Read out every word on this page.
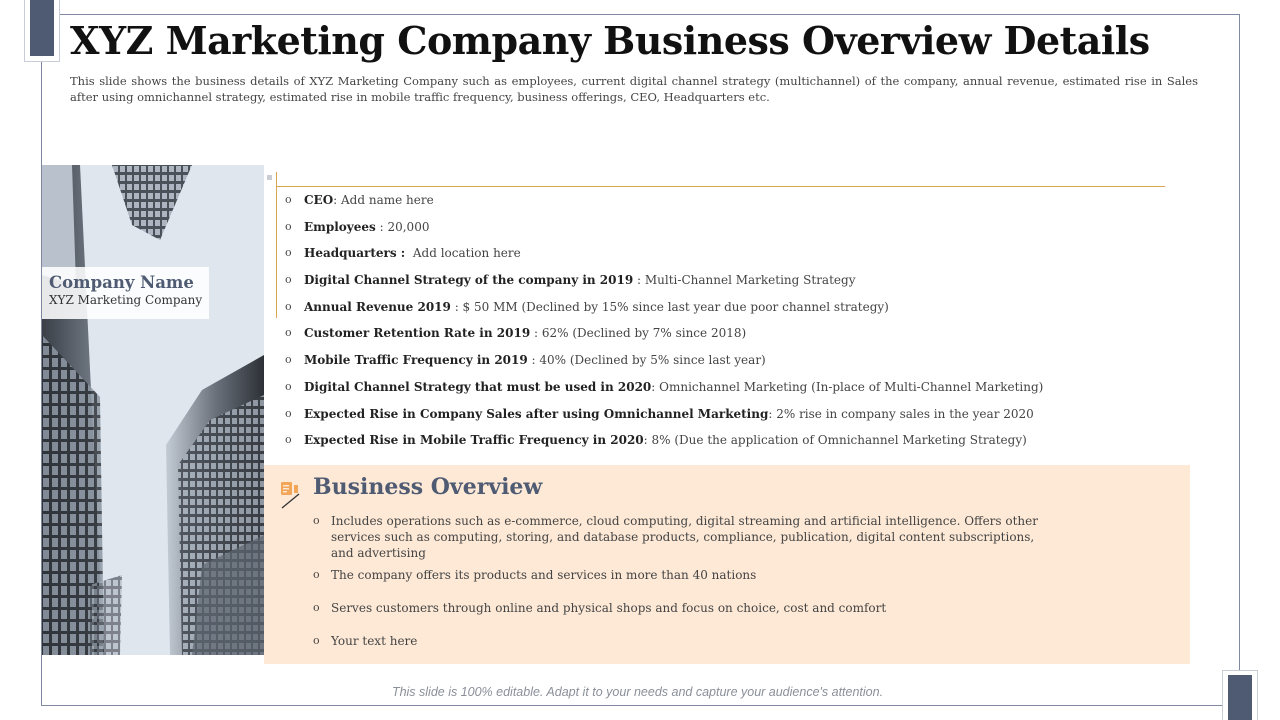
XYZ Marketing Company Business Overview Details

This slide shows the business details of XYZ Marketing Company such as employees, current digital channel strategy (multichannel) of the company, annual revenue, estimated rise in Sales after using omnichannel strategy, estimated rise in mobile traffic frequency, business offerings, CEO, Headquarters etc.

Company Name
XYZ Marketing Company
o	CEO: Add name here
o	Employees : 20,000
o	Headquarters : Add location here
o	Digital Channel Strategy of the company in 2019 : Multi-Channel Marketing Strategy
o	Annual Revenue 2019 : $ 50 MM (Declined by 15% since last year due poor channel strategy)
o	Customer Retention Rate in 2019 : 62% (Declined by 7% since 2018)
o	Mobile Traffic Frequency in 2019 : 40% (Declined by 5% since last year)
o	Digital Channel Strategy that must be used in 2020: Omnichannel Marketing (In-place of Multi-Channel Marketing)
o	Expected Rise in Company Sales after using Omnichannel Marketing: 2% rise in company sales in the year 2020
o	Expected Rise in Mobile Traffic Frequency in 2020: 8% (Due the application of Omnichannel Marketing Strategy)
Business Overview
o Includes operations such as e-commerce, cloud computing, digital streaming and artificial intelligence. Offers other services such as computing, storing, and database products, compliance, publication, digital content subscriptions, and advertising
o The company offers its products and services in more than 40 nations
o Serves customers through online and physical shops and focus on choice, cost and comfort
o Your text here
This slide is 100% editable. Adapt it to your needs and capture your audience's attention.
